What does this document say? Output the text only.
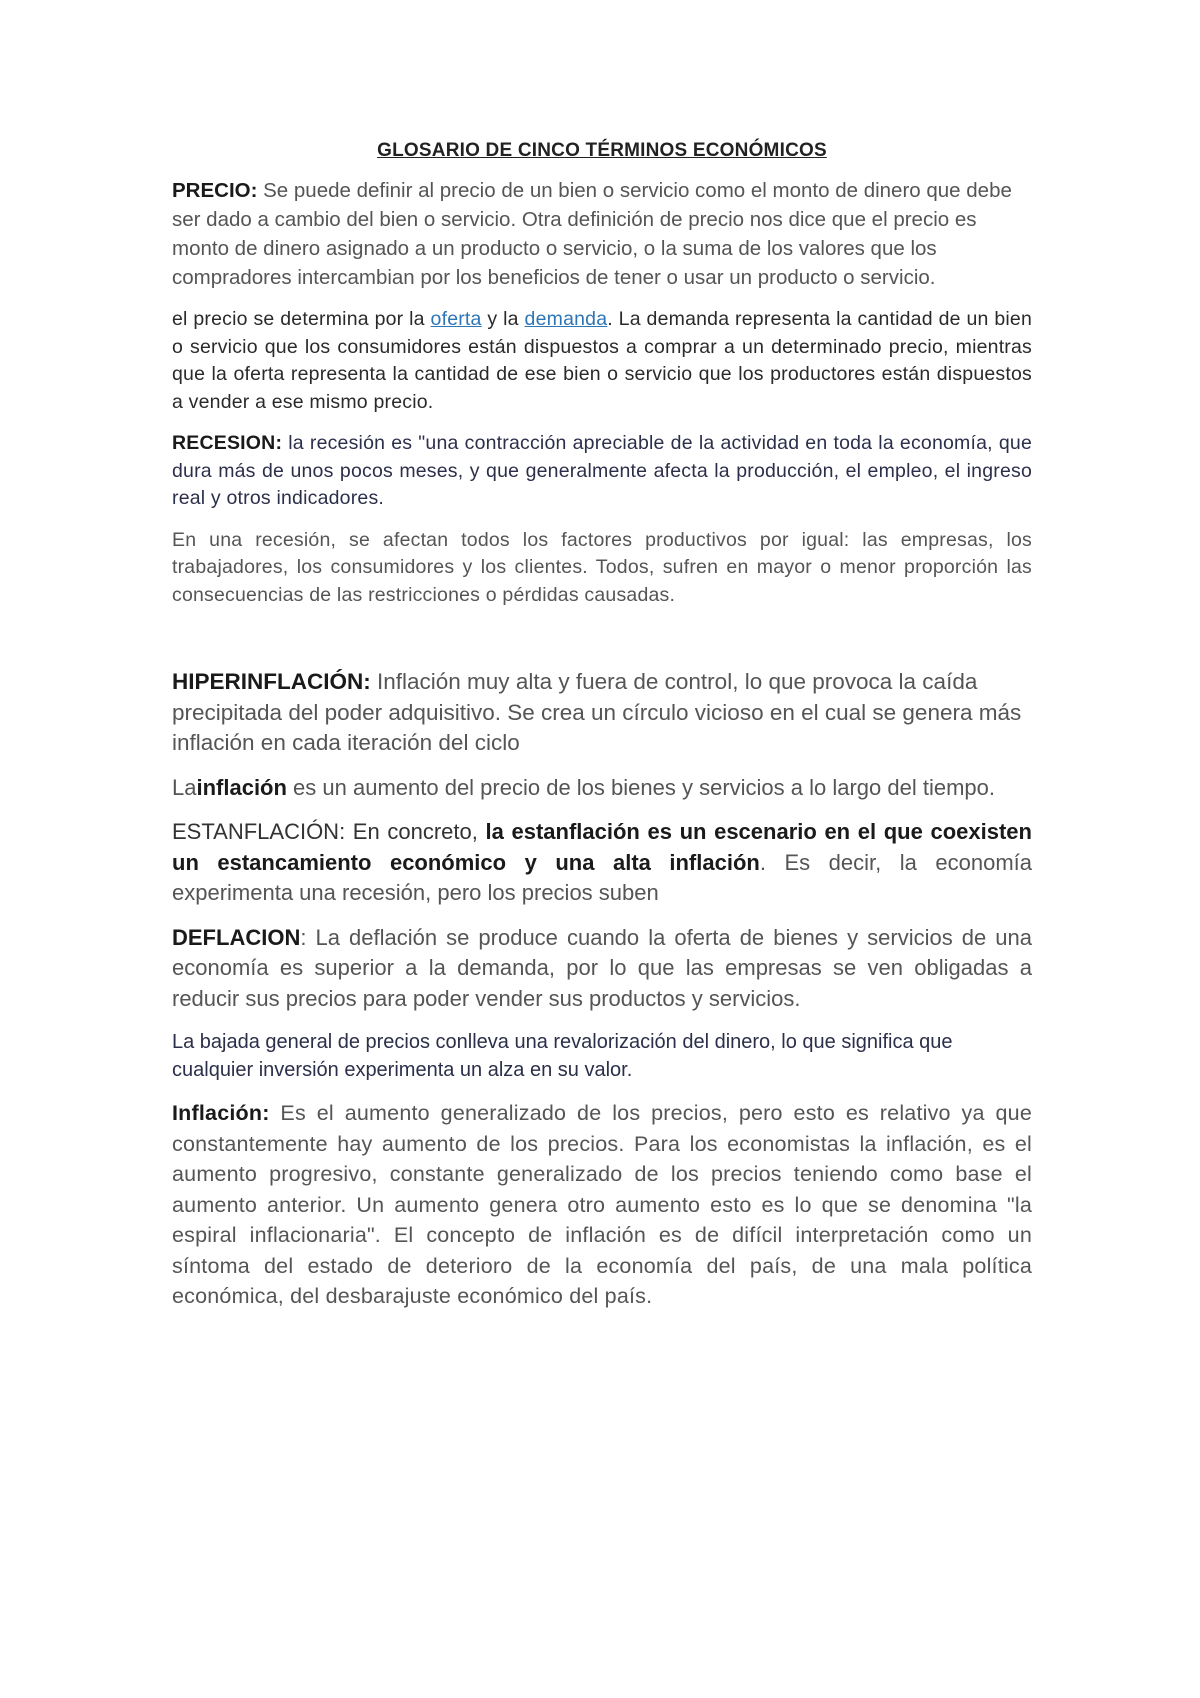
GLOSARIO DE CINCO TÉRMINOS ECONÓMICOS

PRECIO: Se puede definir al precio de un bien o servicio como el monto de dinero que debe ser dado a cambio del bien o servicio. Otra definición de precio nos dice que el precio es monto de dinero asignado a un producto o servicio, o la suma de los valores que los compradores intercambian por los beneficios de tener o usar un producto o servicio.

el precio se determina por la oferta y la demanda. La demanda representa la cantidad de un bien o servicio que los consumidores están dispuestos a comprar a un determinado precio, mientras que la oferta representa la cantidad de ese bien o servicio que los productores están dispuestos a vender a ese mismo precio.

RECESION: la recesión es "una contracción apreciable de la actividad en toda la economía, que dura más de unos pocos meses, y que generalmente afecta la producción, el empleo, el ingreso real y otros indicadores.

En una recesión, se afectan todos los factores productivos por igual: las empresas, los trabajadores, los consumidores y los clientes. Todos, sufren en mayor o menor proporción las consecuencias de las restricciones o pérdidas causadas.

HIPERINFLACIÓN: Inflación muy alta y fuera de control, lo que provoca la caída precipitada del poder adquisitivo. Se crea un círculo vicioso en el cual se genera más inflación en cada iteración del ciclo

Lainflación es un aumento del precio de los bienes y servicios a lo largo del tiempo.

ESTANFLACIÓN: En concreto, la estanflación es un escenario en el que coexisten un estancamiento económico y una alta inflación. Es decir, la economía experimenta una recesión, pero los precios suben

DEFLACION: La deflación se produce cuando la oferta de bienes y servicios de una economía es superior a la demanda, por lo que las empresas se ven obligadas a reducir sus precios para poder vender sus productos y servicios.

La bajada general de precios conlleva una revalorización del dinero, lo que significa que cualquier inversión experimenta un alza en su valor.

Inflación: Es el aumento generalizado de los precios, pero esto es relativo ya que constantemente hay aumento de los precios. Para los economistas la inflación, es el aumento progresivo, constante generalizado de los precios teniendo como base el aumento anterior. Un aumento genera otro aumento esto es lo que se denomina "la espiral inflacionaria". El concepto de inflación es de difícil interpretación como un síntoma del estado de deterioro de la economía del país, de una mala política económica, del desbarajuste económico del país.
